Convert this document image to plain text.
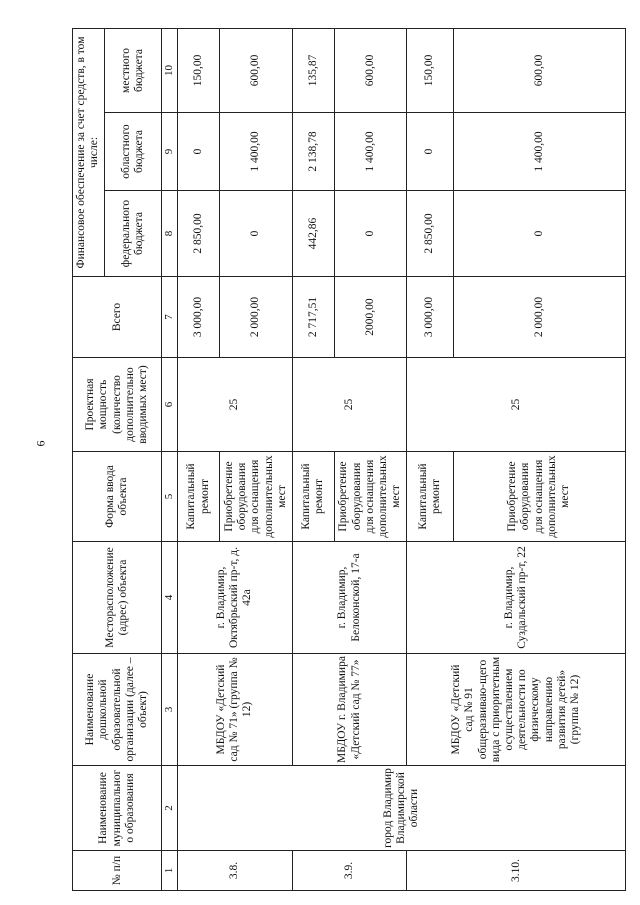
6
№ п/п	Наименование муниципального образования	Наименование дошкольной образовательной организации (далее – объект)	Месторасположение (адрес) объекта	Форма ввода объекта	Проектная мощность (количество дополнительно вводимых мест)	Всего	Финансовое обеспечение за счет средств, в том числе:		
							федерального бюджета	областного бюджета	местного бюджета
1	2	3	4	5	6	7	8	9	10
3.8.	город Владимир Владимирской области	МБДОУ «Детский сад № 71» (группа № 12)	г. Владимир, Октябрьский пр-т, д. 42а	Капитальный ремонт	25	3 000,00	2 850,00	0	150,00
				Приобретение оборудования для оснащения дополнительных мест		2 000,00	0	1 400,00	600,00
3.9.		МБДОУ г. Владимира «Детский сад № 77»	г. Владимир, Белоконской, 17-а	Капитальный ремонт	25	2 717,51	442,86	2 138,78	135,87
				Приобретение оборудования для оснащения дополнительных мест		2000,00	0	1 400,00	600,00
3.10.		МБДОУ «Детский сад № 91 общеразвиваю-щего вида с приоритетным осуществлением деятельности по физическому направлению развития детей» (группа № 12)	г. Владимир, Суздальский пр-т, 22	Капитальный ремонт	25	3 000,00	2 850,00	0	150,00
				Приобретение оборудования для оснащения дополнительных мест		2 000,00	0	1 400,00	600,00
